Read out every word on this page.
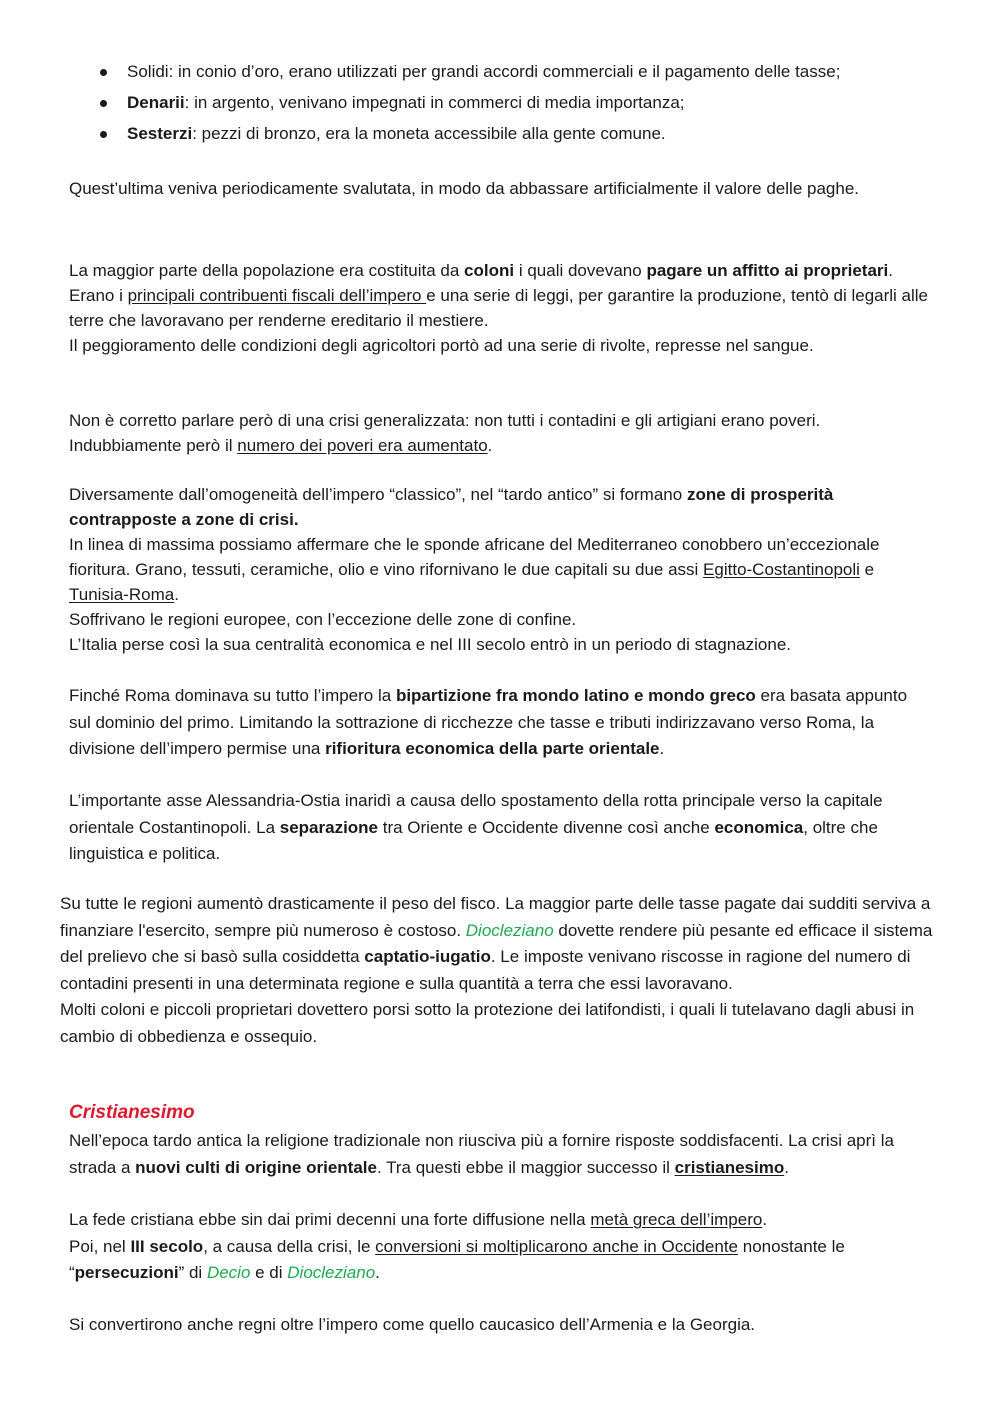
Solidi: in conio d’oro, erano utilizzati per grandi accordi commerciali e il pagamento delle tasse;
Denarii: in argento, venivano impegnati in commerci di media importanza;
Sesterzi: pezzi di bronzo, era la moneta accessibile alla gente comune.

Quest’ultima veniva periodicamente svalutata, in modo da abbassare artificialmente il valore delle paghe.

La maggior parte della popolazione era costituita da coloni i quali dovevano pagare un affitto ai proprietari.

Erano i principali contribuenti fiscali dell’impero e una serie di leggi, per garantire la produzione, tentò di legarli alle terre che lavoravano per renderne ereditario il mestiere.

Il peggioramento delle condizioni degli agricoltori portò ad una serie di rivolte, represse nel sangue.

Non è corretto parlare però di una crisi generalizzata: non tutti i contadini e gli artigiani erano poveri.

Indubbiamente però il numero dei poveri era aumentato.

Diversamente dall’omogeneità dell’impero “classico”, nel “tardo antico” si formano zone di prosperità contrapposte a zone di crisi.

In linea di massima possiamo affermare che le sponde africane del Mediterraneo conobbero un’eccezionale fioritura. Grano, tessuti, ceramiche, olio e vino rifornivano le due capitali su due assi Egitto-Costantinopoli e Tunisia-Roma.

Soffrivano le regioni europee, con l’eccezione delle zone di confine.

L’Italia perse così la sua centralità economica e nel III secolo entrò in un periodo di stagnazione.

Finché Roma dominava su tutto l’impero la bipartizione fra mondo latino e mondo greco era basata appunto sul dominio del primo. Limitando la sottrazione di ricchezze che tasse e tributi indirizzavano verso Roma, la divisione dell’impero permise una rifioritura economica della parte orientale.

L’importante asse Alessandria-Ostia inaridì a causa dello spostamento della rotta principale verso la capitale orientale Costantinopoli. La separazione tra Oriente e Occidente divenne così anche economica, oltre che linguistica e politica.

Su tutte le regioni aumentò drasticamente il peso del fisco. La maggior parte delle tasse pagate dai sudditi serviva a finanziare l'esercito, sempre più numeroso è costoso. Diocleziano dovette rendere più pesante ed efficace il sistema del prelievo che si basò sulla cosiddetta captatio-iugatio. Le imposte venivano riscosse in ragione del numero di contadini presenti in una determinata regione e sulla quantità a terra che essi lavoravano.

Molti coloni e piccoli proprietari dovettero porsi sotto la protezione dei latifondisti, i quali li tutelavano dagli abusi in cambio di obbedienza e ossequio.

Cristianesimo

Nell’epoca tardo antica la religione tradizionale non riusciva più a fornire risposte soddisfacenti. La crisi aprì la strada a nuovi culti di origine orientale. Tra questi ebbe il maggior successo il cristianesimo.

La fede cristiana ebbe sin dai primi decenni una forte diffusione nella metà greca dell’impero.

Poi, nel III secolo, a causa della crisi, le conversioni si moltiplicarono anche in Occidente nonostante le “persecuzioni” di Decio e di Diocleziano.

Si convertirono anche regni oltre l’impero come quello caucasico dell’Armenia e la Georgia.
